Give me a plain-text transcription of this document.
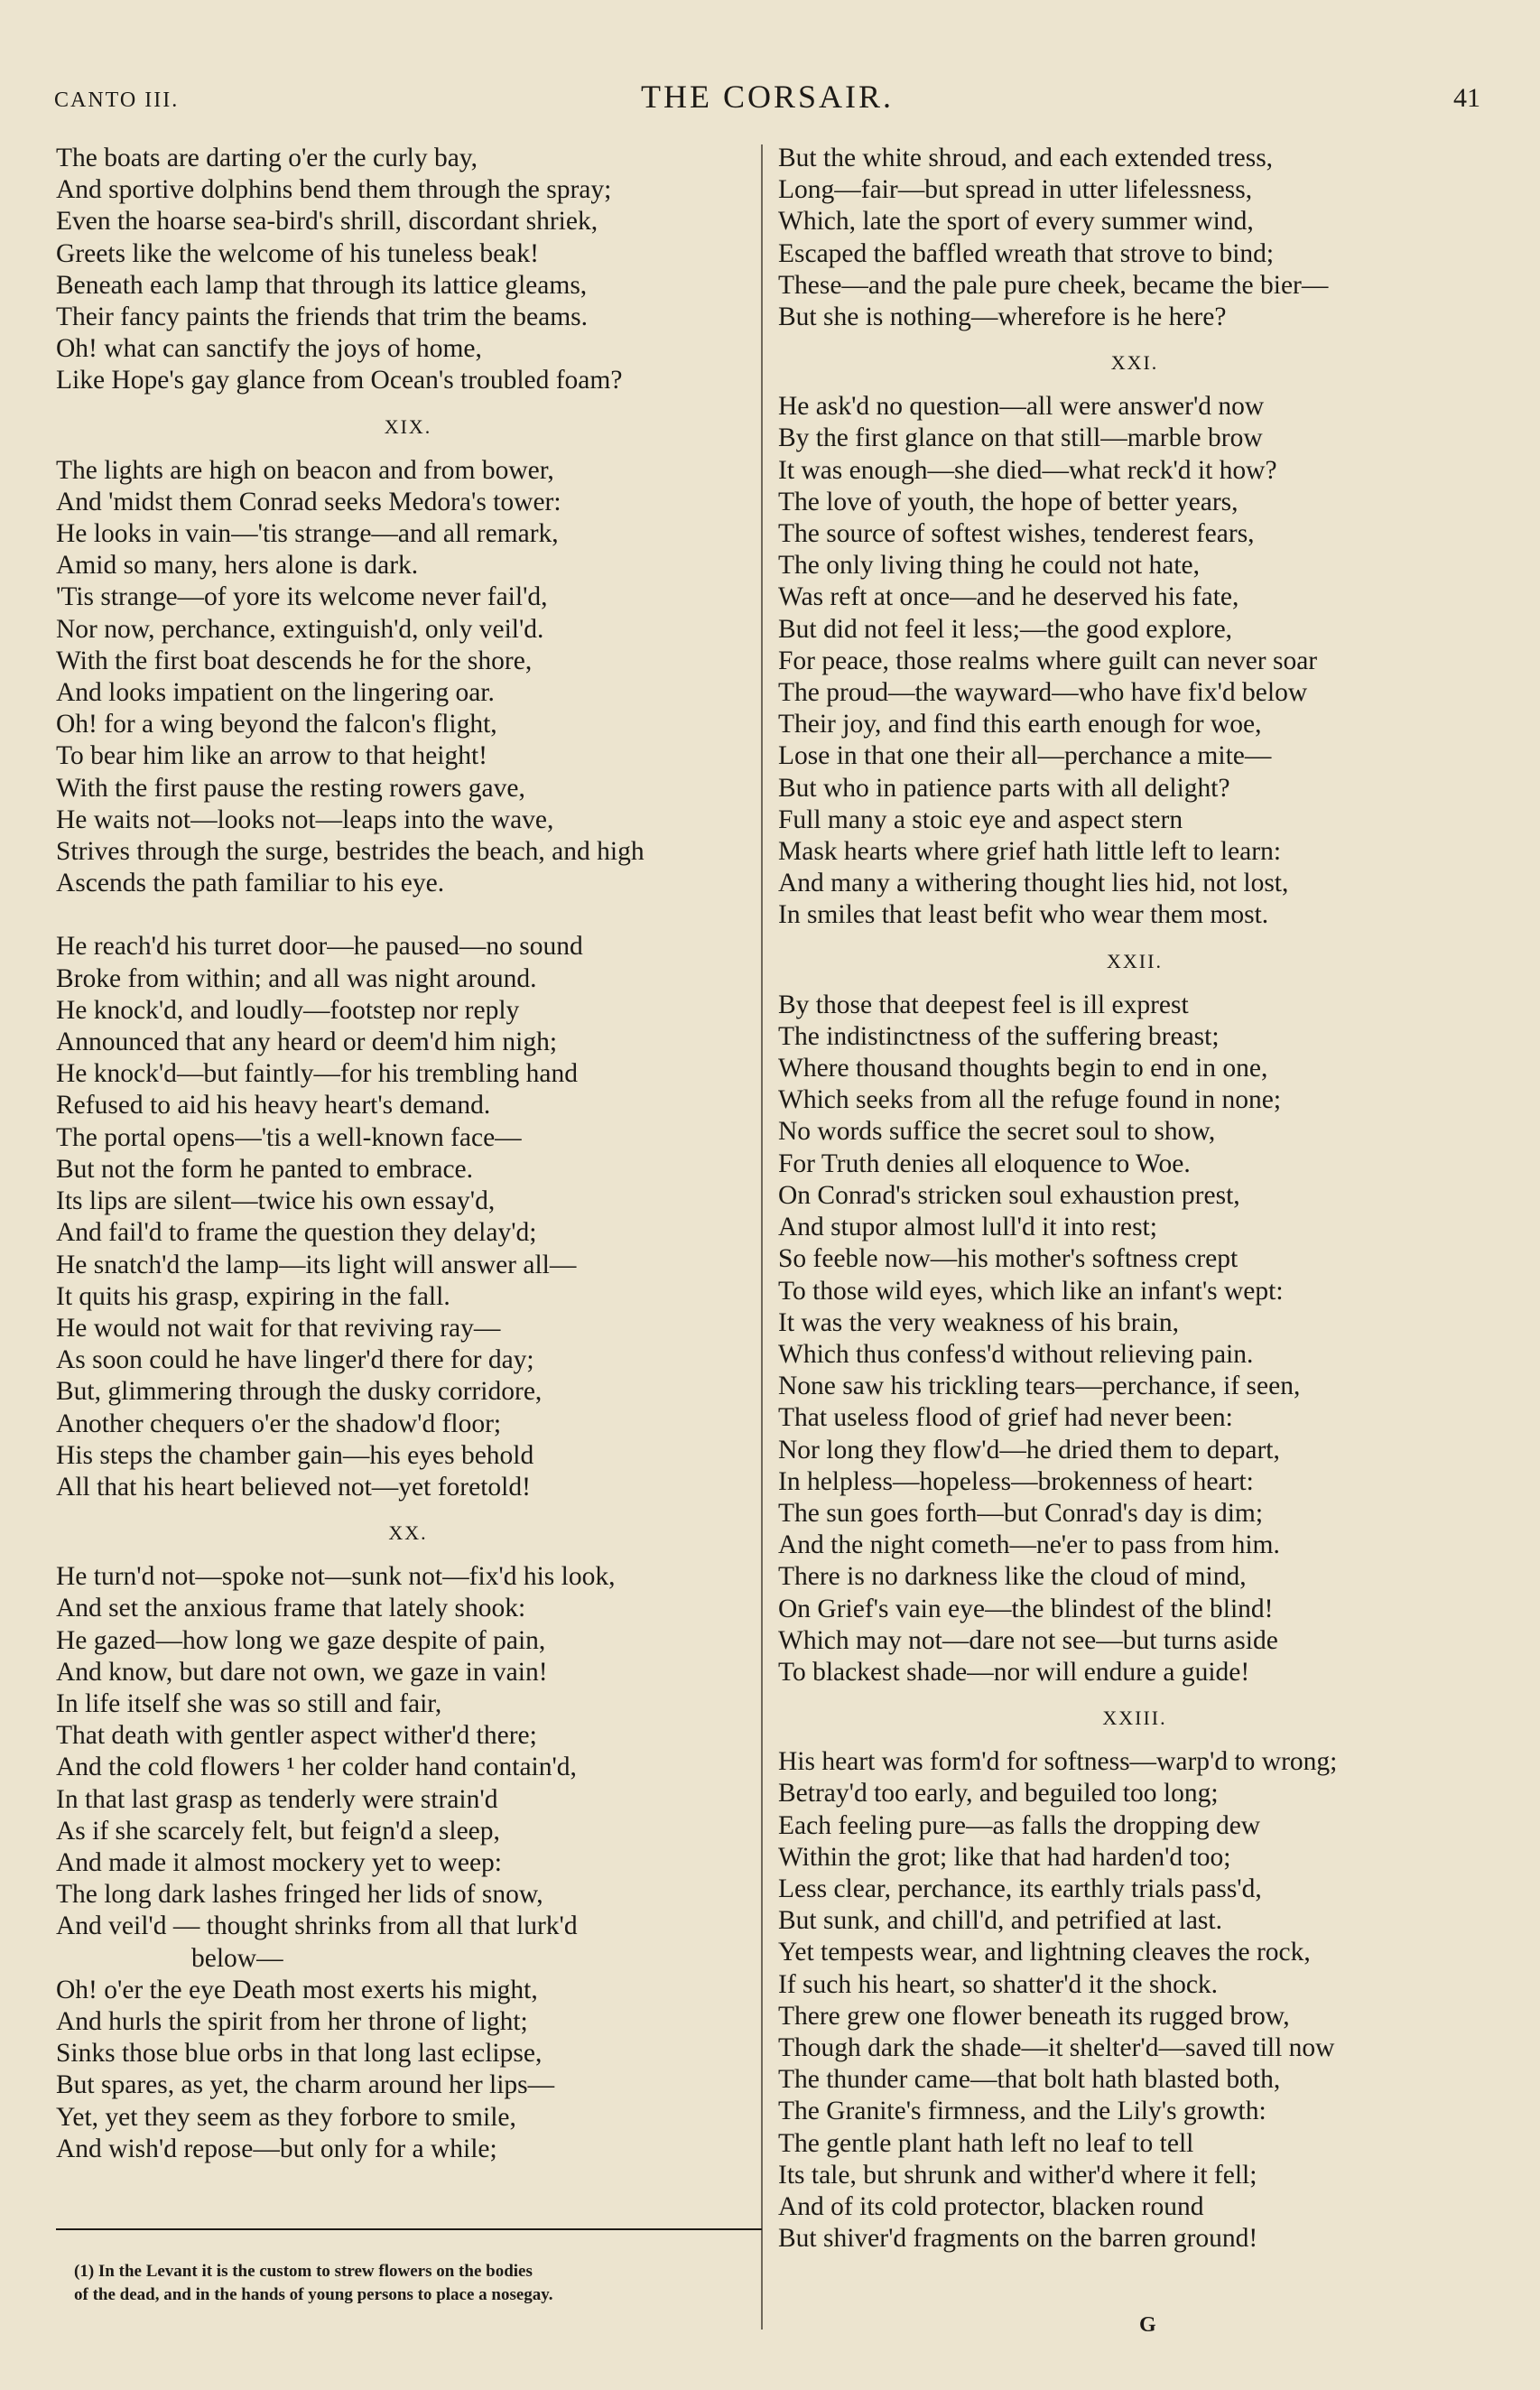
CANTO III.	THE CORSAIR.	41
The boats are darting o'er the curly bay,
And sportive dolphins bend them through the spray;
Even the hoarse sea-bird's shrill, discordant shriek,
Greets like the welcome of his tuneless beak!
Beneath each lamp that through its lattice gleams,
Their fancy paints the friends that trim the beams.
Oh! what can sanctify the joys of home,
Like Hope's gay glance from Ocean's troubled foam?
XIX.
The lights are high on beacon and from bower,
And 'midst them Conrad seeks Medora's tower:
He looks in vain—'tis strange—and all remark,
Amid so many, hers alone is dark.
'Tis strange—of yore its welcome never fail'd,
Nor now, perchance, extinguish'd, only veil'd.
With the first boat descends he for the shore,
And looks impatient on the lingering oar.
Oh! for a wing beyond the falcon's flight,
To bear him like an arrow to that height!
With the first pause the resting rowers gave,
He waits not—looks not—leaps into the wave,
Strives through the surge, bestrides the beach, and high
Ascends the path familiar to his eye.
He reach'd his turret door—he paused—no sound
Broke from within; and all was night around.
He knock'd, and loudly—footstep nor reply
Announced that any heard or deem'd him nigh;
He knock'd—but faintly—for his trembling hand
Refused to aid his heavy heart's demand.
The portal opens—'tis a well-known face—
But not the form he panted to embrace.
Its lips are silent—twice his own essay'd,
And fail'd to frame the question they delay'd;
He snatch'd the lamp—its light will answer all—
It quits his grasp, expiring in the fall.
He would not wait for that reviving ray—
As soon could he have linger'd there for day;
But, glimmering through the dusky corridore,
Another chequers o'er the shadow'd floor;
His steps the chamber gain—his eyes behold
All that his heart believed not—yet foretold!
XX.
He turn'd not—spoke not—sunk not—fix'd his look,
And set the anxious frame that lately shook:
He gazed—how long we gaze despite of pain,
And know, but dare not own, we gaze in vain!
In life itself she was so still and fair,
That death with gentler aspect wither'd there;
And the cold flowers ¹ her colder hand contain'd,
In that last grasp as tenderly were strain'd
As if she scarcely felt, but feign'd a sleep,
And made it almost mockery yet to weep:
The long dark lashes fringed her lids of snow,
And veil'd — thought shrinks from all that lurk'd
below—
Oh! o'er the eye Death most exerts his might,
And hurls the spirit from her throne of light;
Sinks those blue orbs in that long last eclipse,
But spares, as yet, the charm around her lips—
Yet, yet they seem as they forbore to smile,
And wish'd repose—but only for a while;
But the white shroud, and each extended tress,
Long—fair—but spread in utter lifelessness,
Which, late the sport of every summer wind,
Escaped the baffled wreath that strove to bind;
These—and the pale pure cheek, became the bier—
But she is nothing—wherefore is he here?
XXI.
He ask'd no question—all were answer'd now
By the first glance on that still—marble brow
It was enough—she died—what reck'd it how?
The love of youth, the hope of better years,
The source of softest wishes, tenderest fears,
The only living thing he could not hate,
Was reft at once—and he deserved his fate,
But did not feel it less;—the good explore,
For peace, those realms where guilt can never soar
The proud—the wayward—who have fix'd below
Their joy, and find this earth enough for woe,
Lose in that one their all—perchance a mite—
But who in patience parts with all delight?
Full many a stoic eye and aspect stern
Mask hearts where grief hath little left to learn:
And many a withering thought lies hid, not lost,
In smiles that least befit who wear them most.
XXII.
By those that deepest feel is ill exprest
The indistinctness of the suffering breast;
Where thousand thoughts begin to end in one,
Which seeks from all the refuge found in none;
No words suffice the secret soul to show,
For Truth denies all eloquence to Woe.
On Conrad's stricken soul exhaustion prest,
And stupor almost lull'd it into rest;
So feeble now—his mother's softness crept
To those wild eyes, which like an infant's wept:
It was the very weakness of his brain,
Which thus confess'd without relieving pain.
None saw his trickling tears—perchance, if seen,
That useless flood of grief had never been:
Nor long they flow'd—he dried them to depart,
In helpless—hopeless—brokenness of heart:
The sun goes forth—but Conrad's day is dim;
And the night cometh—ne'er to pass from him.
There is no darkness like the cloud of mind,
On Grief's vain eye—the blindest of the blind!
Which may not—dare not see—but turns aside
To blackest shade—nor will endure a guide!
XXIII.
His heart was form'd for softness—warp'd to wrong;
Betray'd too early, and beguiled too long;
Each feeling pure—as falls the dropping dew
Within the grot; like that had harden'd too;
Less clear, perchance, its earthly trials pass'd,
But sunk, and chill'd, and petrified at last.
Yet tempests wear, and lightning cleaves the rock,
If such his heart, so shatter'd it the shock.
There grew one flower beneath its rugged brow,
Though dark the shade—it shelter'd—saved till now
The thunder came—that bolt hath blasted both,
The Granite's firmness, and the Lily's growth:
The gentle plant hath left no leaf to tell
Its tale, but shrunk and wither'd where it fell;
And of its cold protector, blacken round
But shiver'd fragments on the barren ground!
(1) In the Levant it is the custom to strew flowers on the bodies
of the dead, and in the hands of young persons to place a nosegay.
G
